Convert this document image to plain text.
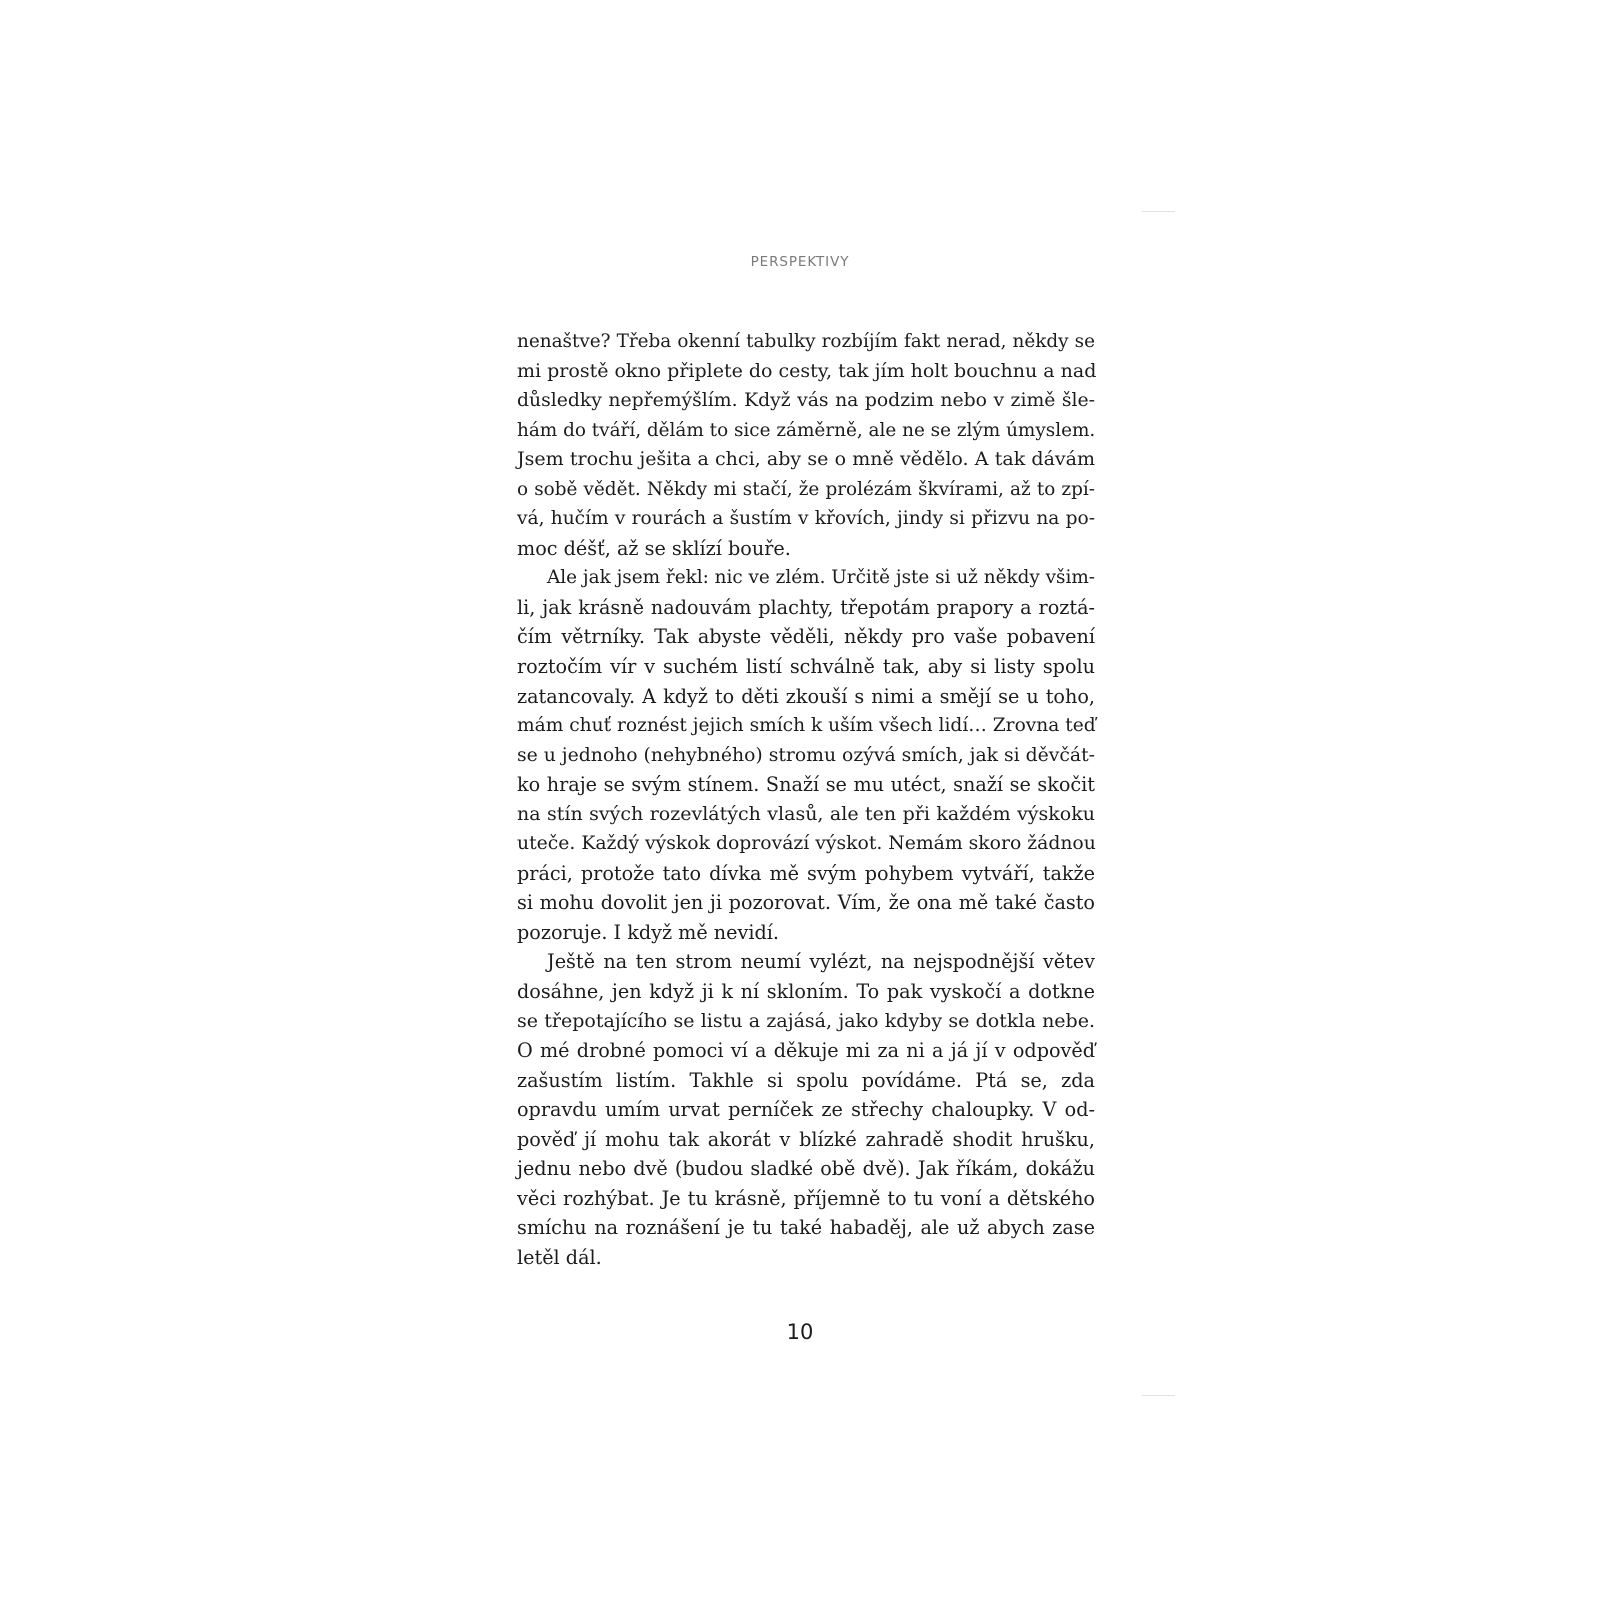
PERSPEKTIVY
nenaštve? Třeba okenní tabulky rozbíjím fakt nerad, někdy se
mi prostě okno připlete do cesty, tak jím holt bouchnu a nad
důsledky nepřemýšlím. Když vás na podzim nebo v zimě šle-
hám do tváří, dělám to sice záměrně, ale ne se zlým úmyslem.
Jsem trochu ješita a chci, aby se o mně vědělo. A tak dávám
o sobě vědět. Někdy mi stačí, že prolézám škvírami, až to zpí-
vá, hučím v rourách a šustím v křovích, jindy si přizvu na po-
moc déšť, až se sklízí bouře.
Ale jak jsem řekl: nic ve zlém. Určitě jste si už někdy všim-
li, jak krásně nadouvám plachty, třepotám prapory a roztá-
čím větrníky. Tak abyste věděli, někdy pro vaše pobavení
roztočím vír v suchém listí schválně tak, aby si listy spolu
zatancovaly. A když to děti zkouší s nimi a smějí se u toho,
mám chuť roznést jejich smích k uším všech lidí… Zrovna teď
se u jednoho (nehybného) stromu ozývá smích, jak si děvčát-
ko hraje se svým stínem. Snaží se mu utéct, snaží se skočit
na stín svých rozevlátých vlasů, ale ten při každém výskoku
uteče. Každý výskok doprovází výskot. Nemám skoro žádnou
práci, protože tato dívka mě svým pohybem vytváří, takže
si mohu dovolit jen ji pozorovat. Vím, že ona mě také často
pozoruje. I když mě nevidí.
Ještě na ten strom neumí vylézt, na nejspodnější větev
dosáhne, jen když ji k ní skloním. To pak vyskočí a dotkne
se třepotajícího se listu a zajásá, jako kdyby se dotkla nebe.
O mé drobné pomoci ví a děkuje mi za ni a já jí v odpověď
zašustím listím. Takhle si spolu povídáme. Ptá se, zda
opravdu umím urvat perníček ze střechy chaloupky. V od-
pověď jí mohu tak akorát v blízké zahradě shodit hrušku,
jednu nebo dvě (budou sladké obě dvě). Jak říkám, dokážu
věci rozhýbat. Je tu krásně, příjemně to tu voní a dětského
smíchu na roznášení je tu také habaděj, ale už abych zase
letěl dál.
10
